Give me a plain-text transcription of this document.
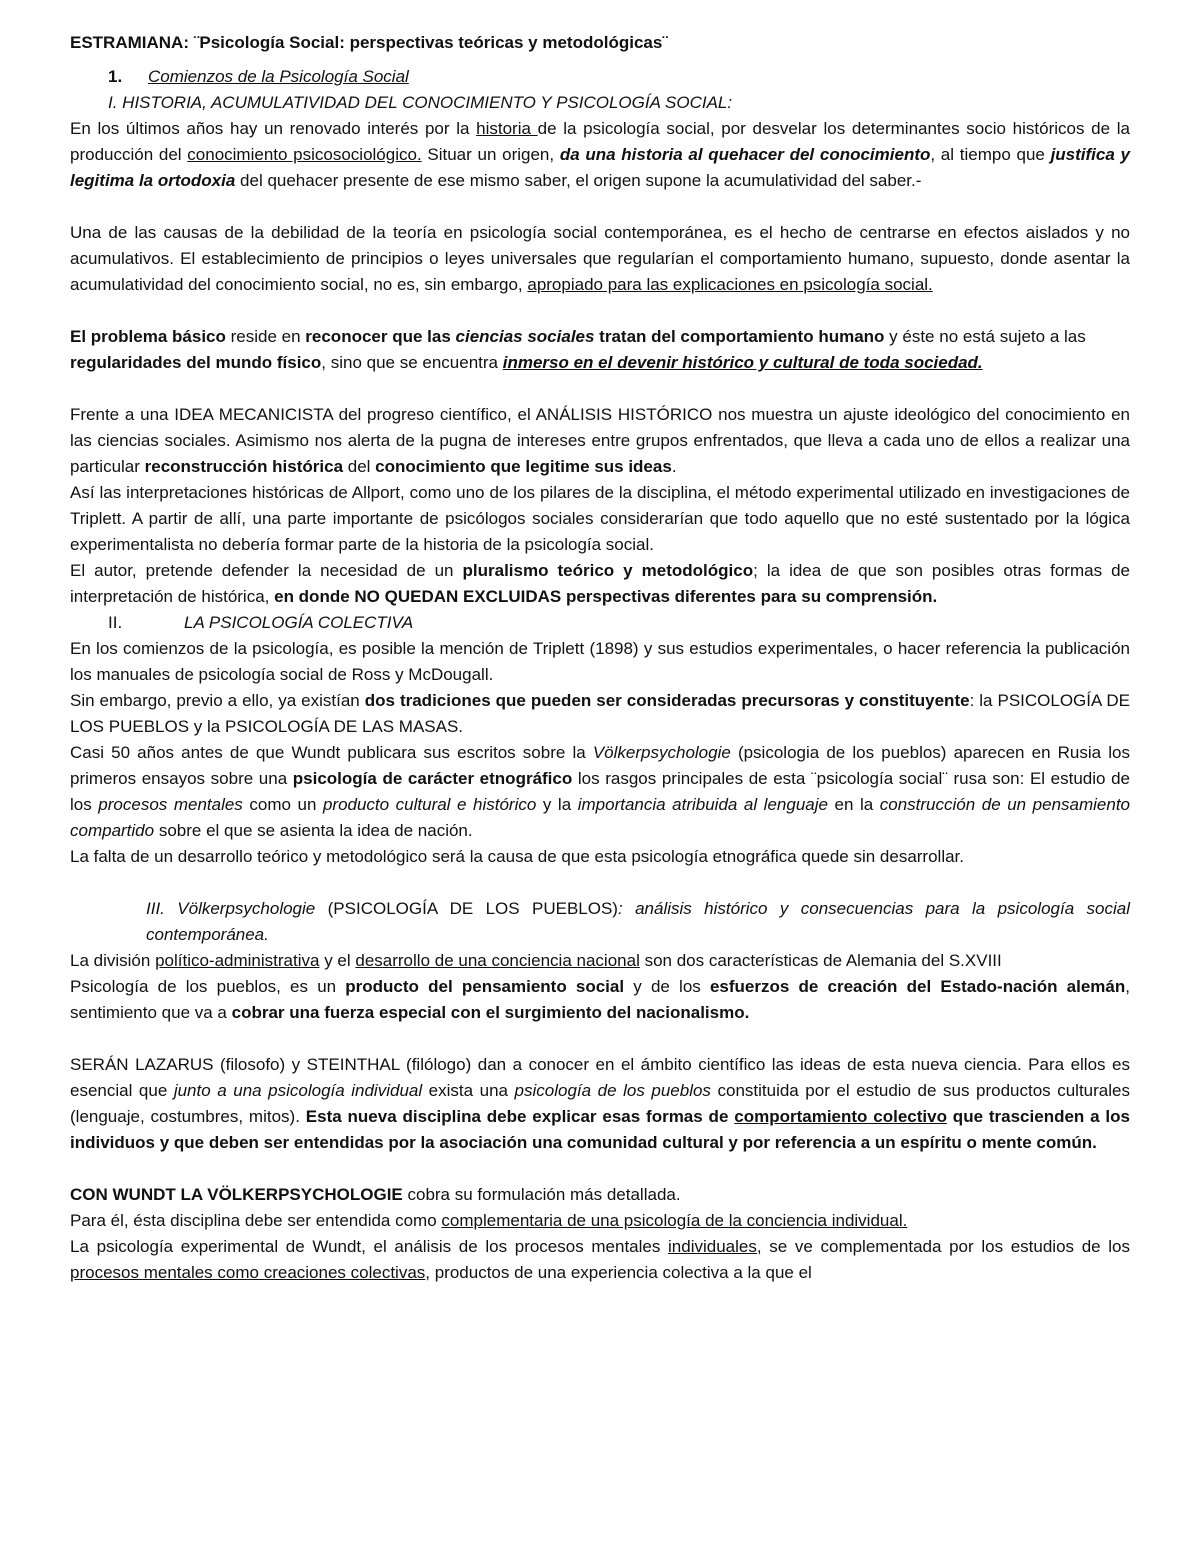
ESTRAMIANA: ¨Psicología Social: perspectivas teóricas y metodológicas¨

1. Comienzos de la Psicología Social

I. HISTORIA, ACUMULATIVIDAD DEL CONOCIMIENTO Y PSICOLOGÍA SOCIAL:

En los últimos años hay un renovado interés por la historia de la psicología social, por desvelar los determinantes socio históricos de la producción del conocimiento psicosociológico. Situar un origen, da una historia al quehacer del conocimiento, al tiempo que justifica y legitima la ortodoxia del quehacer presente de ese mismo saber, el origen supone la acumulatividad del saber.-

Una de las causas de la debilidad de la teoría en psicología social contemporánea, es el hecho de centrarse en efectos aislados y no acumulativos. El establecimiento de principios o leyes universales que regularían el comportamiento humano, supuesto, donde asentar la acumulatividad del conocimiento social, no es, sin embargo, apropiado para las explicaciones en psicología social.

El problema básico reside en reconocer que las ciencias sociales tratan del comportamiento humano y éste no está sujeto a las regularidades del mundo físico, sino que se encuentra inmerso en el devenir histórico y cultural de toda sociedad.

Frente a una IDEA MECANICISTA del progreso científico, el ANÁLISIS HISTÓRICO nos muestra un ajuste ideológico del conocimiento en las ciencias sociales. Asimismo nos alerta de la pugna de intereses entre grupos enfrentados, que lleva a cada uno de ellos a realizar una particular reconstrucción histórica del conocimiento que legitime sus ideas.

Así las interpretaciones históricas de Allport, como uno de los pilares de la disciplina, el método experimental utilizado en investigaciones de Triplett. A partir de allí, una parte importante de psicólogos sociales considerarían que todo aquello que no esté sustentado por la lógica experimentalista no debería formar parte de la historia de la psicología social.

El autor, pretende defender la necesidad de un pluralismo teórico y metodológico; la idea de que son posibles otras formas de interpretación de histórica, en donde NO QUEDAN EXCLUIDAS perspectivas diferentes para su comprensión.

II.	LA PSICOLOGÍA COLECTIVA

En los comienzos de la psicología, es posible la mención de Triplett (1898) y sus estudios experimentales, o hacer referencia la publicación los manuales de psicología social de Ross y McDougall.

Sin embargo, previo a ello, ya existían dos tradiciones que pueden ser consideradas precursoras y constituyente: la PSICOLOGÍA DE LOS PUEBLOS y la PSICOLOGÍA DE LAS MASAS.

Casi 50 años antes de que Wundt publicara sus escritos sobre la Völkerpsychologie (psicologia de los pueblos) aparecen en Rusia los primeros ensayos sobre una psicología de carácter etnográfico los rasgos principales de esta ¨psicología social¨ rusa son: El estudio de los procesos mentales como un producto cultural e histórico y la importancia atribuida al lenguaje en la construcción de un pensamiento compartido sobre el que se asienta la idea de nación.

La falta de un desarrollo teórico y metodológico será la causa de que esta psicología etnográfica quede sin desarrollar.

III. Völkerpsychologie (PSICOLOGÍA DE LOS PUEBLOS): análisis histórico y consecuencias para la psicología social contemporánea.

La división político-administrativa y el desarrollo de una conciencia nacional son dos características de Alemania del S.XVIII

Psicología de los pueblos, es un producto del pensamiento social y de los esfuerzos de creación del Estado-nación alemán, sentimiento que va a cobrar una fuerza especial con el surgimiento del nacionalismo.

SERÁN LAZARUS (filosofo) y STEINTHAL (filólogo) dan a conocer en el ámbito científico las ideas de esta nueva ciencia. Para ellos es esencial que junto a una psicología individual exista una psicología de los pueblos constituida por el estudio de sus productos culturales (lenguaje, costumbres, mitos). Esta nueva disciplina debe explicar esas formas de comportamiento colectivo que trascienden a los individuos y que deben ser entendidas por la asociación una comunidad cultural y por referencia a un espíritu o mente común.

CON WUNDT LA VÖLKERPSYCHOLOGIE cobra su formulación más detallada.

Para él, ésta disciplina debe ser entendida como complementaria de una psicología de la conciencia individual.

La psicología experimental de Wundt, el análisis de los procesos mentales individuales, se ve complementada por los estudios de los procesos mentales como creaciones colectivas, productos de una experiencia colectiva a la que el
